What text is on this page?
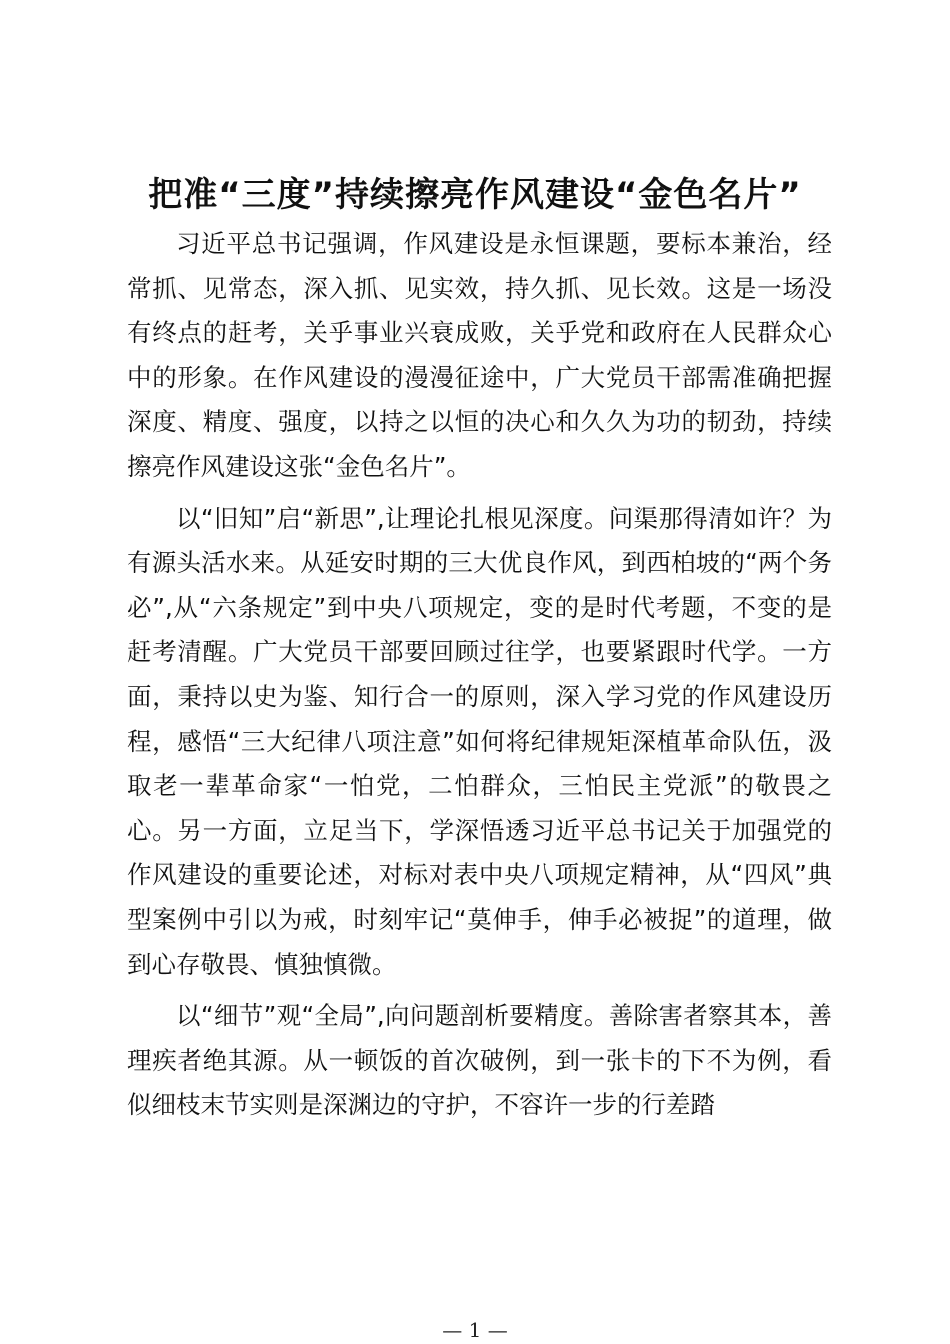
把准“三度”持续擦亮作风建设“金色名片”

习近平总书记强调，作风建设是永恒课题，要标本兼治，经常抓、见常态，深入抓、见实效，持久抓、见长效。这是一场没有终点的赶考，关乎事业兴衰成败，关乎党和政府在人民群众心中的形象。在作风建设的漫漫征途中，广大党员干部需准确把握深度、精度、强度，以持之以恒的决心和久久为功的韧劲，持续擦亮作风建设这张“金色名片”。

以“旧知”启“新思”,让理论扎根见深度。问渠那得清如许？为有源头活水来。从延安时期的三大优良作风，到西柏坡的“两个务必”,从“六条规定”到中央八项规定，变的是时代考题，不变的是赶考清醒。广大党员干部要回顾过往学，也要紧跟时代学。一方面，秉持以史为鉴、知行合一的原则，深入学习党的作风建设历程，感悟“三大纪律八项注意”如何将纪律规矩深植革命队伍，汲取老一辈革命家“一怕党，二怕群众，三怕民主党派”的敬畏之心。另一方面，立足当下，学深悟透习近平总书记关于加强党的作风建设的重要论述，对标对表中央八项规定精神，从“四风”典型案例中引以为戒，时刻牢记“莫伸手，伸手必被捉”的道理，做到心存敬畏、慎独慎微。

以“细节”观“全局”,向问题剖析要精度。善除害者察其本，善理疾者绝其源。从一顿饭的首次破例，到一张卡的下不为例，看似细枝末节实则是深渊边的守护，不容许一步的行差踏

— 1 —
